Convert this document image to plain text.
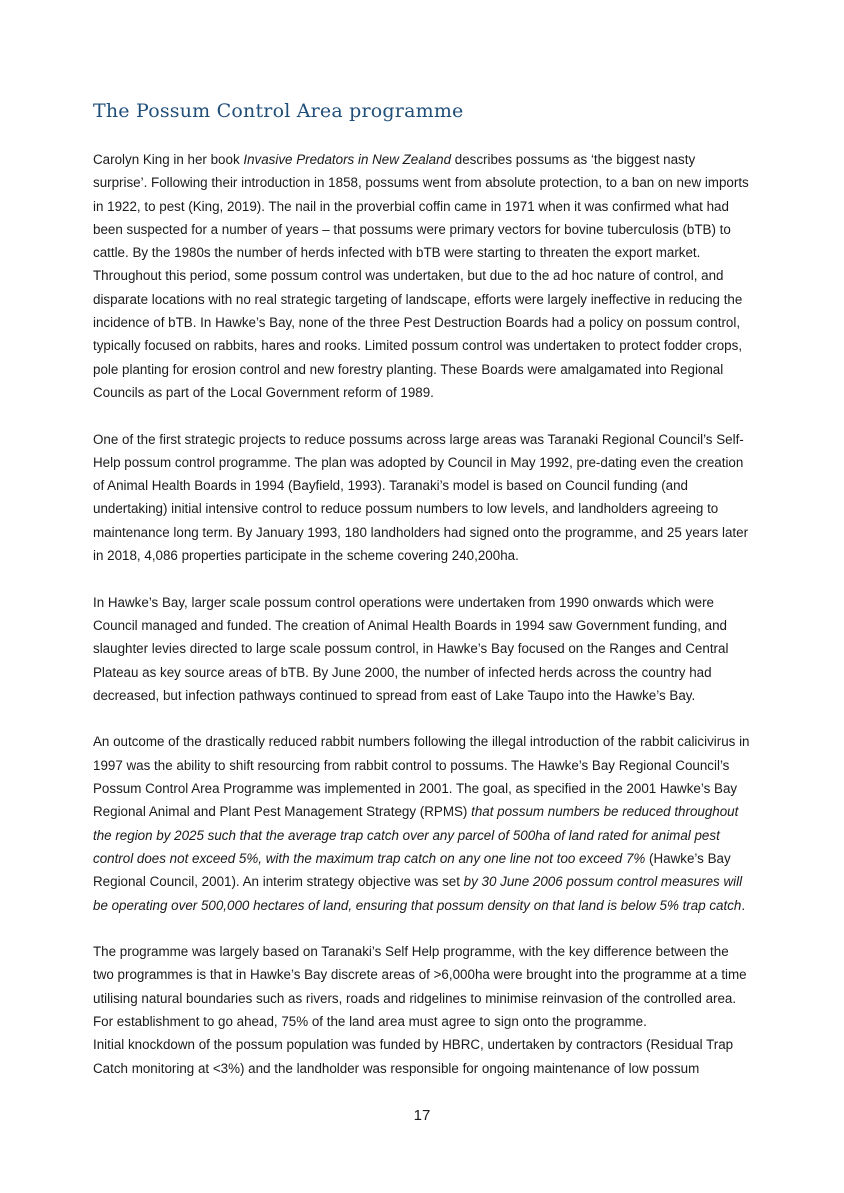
The Possum Control Area programme

Carolyn King in her book Invasive Predators in New Zealand describes possums as ‘the biggest nasty surprise’. Following their introduction in 1858, possums went from absolute protection, to a ban on new imports in 1922, to pest (King, 2019). The nail in the proverbial coffin came in 1971 when it was confirmed what had been suspected for a number of years – that possums were primary vectors for bovine tuberculosis (bTB) to cattle. By the 1980s the number of herds infected with bTB were starting to threaten the export market. Throughout this period, some possum control was undertaken, but due to the ad hoc nature of control, and disparate locations with no real strategic targeting of landscape, efforts were largely ineffective in reducing the incidence of bTB. In Hawke’s Bay, none of the three Pest Destruction Boards had a policy on possum control, typically focused on rabbits, hares and rooks. Limited possum control was undertaken to protect fodder crops, pole planting for erosion control and new forestry planting. These Boards were amalgamated into Regional Councils as part of the Local Government reform of 1989.

One of the first strategic projects to reduce possums across large areas was Taranaki Regional Council’s Self-Help possum control programme. The plan was adopted by Council in May 1992, pre-dating even the creation of Animal Health Boards in 1994 (Bayfield, 1993). Taranaki’s model is based on Council funding (and undertaking) initial intensive control to reduce possum numbers to low levels, and landholders agreeing to maintenance long term. By January 1993, 180 landholders had signed onto the programme, and 25 years later in 2018, 4,086 properties participate in the scheme covering 240,200ha.

In Hawke’s Bay, larger scale possum control operations were undertaken from 1990 onwards which were Council managed and funded. The creation of Animal Health Boards in 1994 saw Government funding, and slaughter levies directed to large scale possum control, in Hawke’s Bay focused on the Ranges and Central Plateau as key source areas of bTB. By June 2000, the number of infected herds across the country had decreased, but infection pathways continued to spread from east of Lake Taupo into the Hawke’s Bay.

An outcome of the drastically reduced rabbit numbers following the illegal introduction of the rabbit calicivirus in 1997 was the ability to shift resourcing from rabbit control to possums. The Hawke’s Bay Regional Council’s Possum Control Area Programme was implemented in 2001. The goal, as specified in the 2001 Hawke’s Bay Regional Animal and Plant Pest Management Strategy (RPMS) that possum numbers be reduced throughout the region by 2025 such that the average trap catch over any parcel of 500ha of land rated for animal pest control does not exceed 5%, with the maximum trap catch on any one line not too exceed 7% (Hawke’s Bay Regional Council, 2001). An interim strategy objective was set by 30 June 2006 possum control measures will be operating over 500,000 hectares of land, ensuring that possum density on that land is below 5% trap catch.

The programme was largely based on Taranaki’s Self Help programme, with the key difference between the two programmes is that in Hawke’s Bay discrete areas of >6,000ha were brought into the programme at a time utilising natural boundaries such as rivers, roads and ridgelines to minimise reinvasion of the controlled area. For establishment to go ahead, 75% of the land area must agree to sign onto the programme.

Initial knockdown of the possum population was funded by HBRC, undertaken by contractors (Residual Trap Catch monitoring at <3%) and the landholder was responsible for ongoing maintenance of low possum

17
